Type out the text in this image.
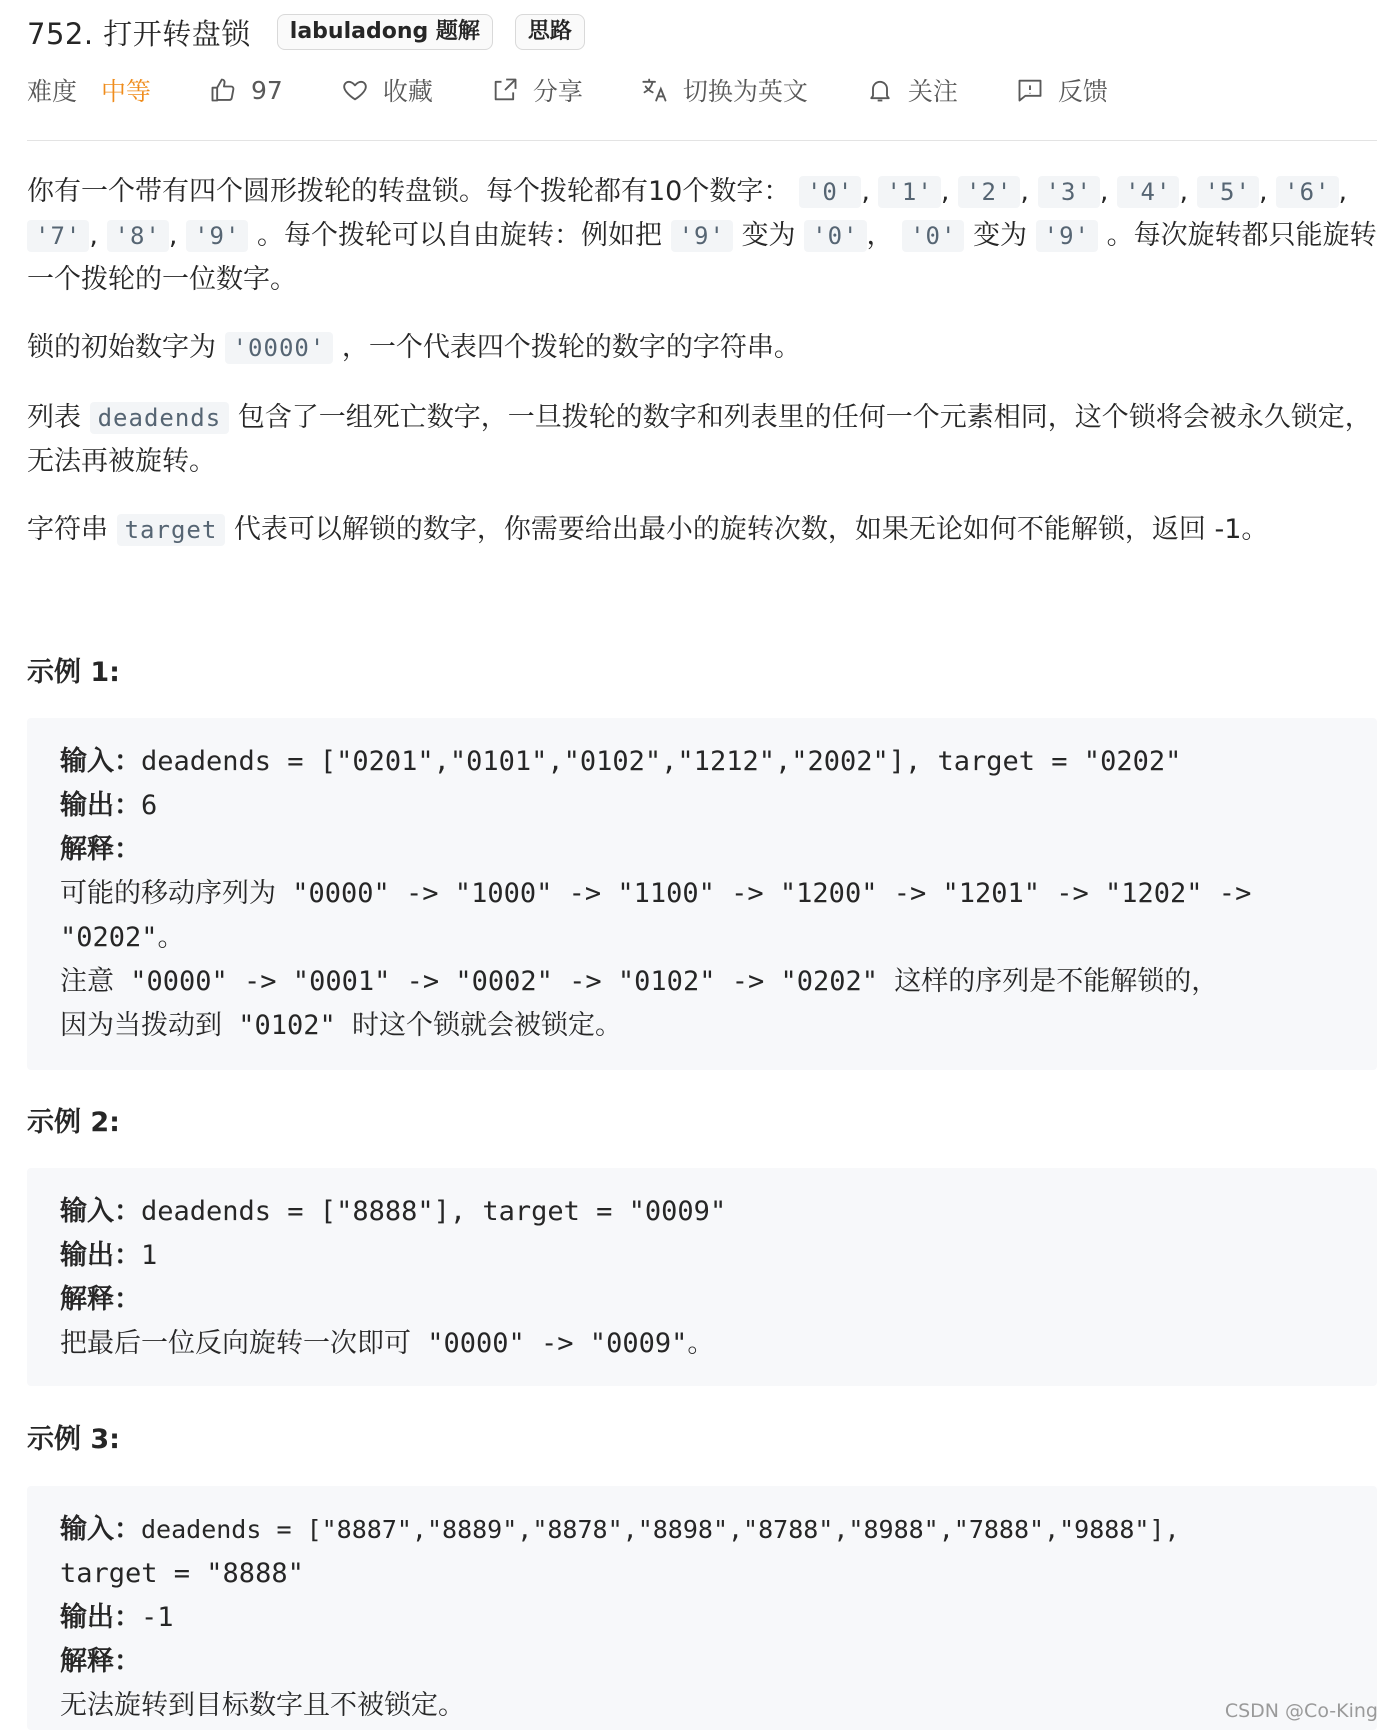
752. 打开转盘锁	labuladong 题解	思路
难度 中等	97	收藏	分享	切换为英文	关注	反馈
你有一个带有四个圆形拨轮的转盘锁。每个拨轮都有10个数字： '0' , '1' , '2' , '3' , '4' , '5' , '6' , '7' , '8' , '9' 。每个拨轮可以自由旋转：例如把 '9' 变为 '0' ， '0' 变为 '9' 。每次旋转都只能旋转一个拨轮的一位数字。
锁的初始数字为 '0000' ，一个代表四个拨轮的数字的字符串。
列表 deadends 包含了一组死亡数字，一旦拨轮的数字和列表里的任何一个元素相同，这个锁将会被永久锁定，无法再被旋转。
字符串 target 代表可以解锁的数字，你需要给出最小的旋转次数，如果无论如何不能解锁，返回 -1。
示例 1:
输入：deadends = ["0201","0101","0102","1212","2002"], target = "0202"
输出：6
解释：
可能的移动序列为 "0000" -> "1000" -> "1100" -> "1200" -> "1201" -> "1202" ->
"0202"。
注意 "0000" -> "0001" -> "0002" -> "0102" -> "0202" 这样的序列是不能解锁的，
因为当拨动到 "0102" 时这个锁就会被锁定。
示例 2:
输入：deadends = ["8888"], target = "0009"
输出：1
解释：
把最后一位反向旋转一次即可 "0000" -> "0009"。
示例 3:
输入：deadends = ["8887","8889","8878","8898","8788","8988","7888","9888"],
target = "8888"
输出：-1
解释：
无法旋转到目标数字且不被锁定。	CSDN @Co-King
